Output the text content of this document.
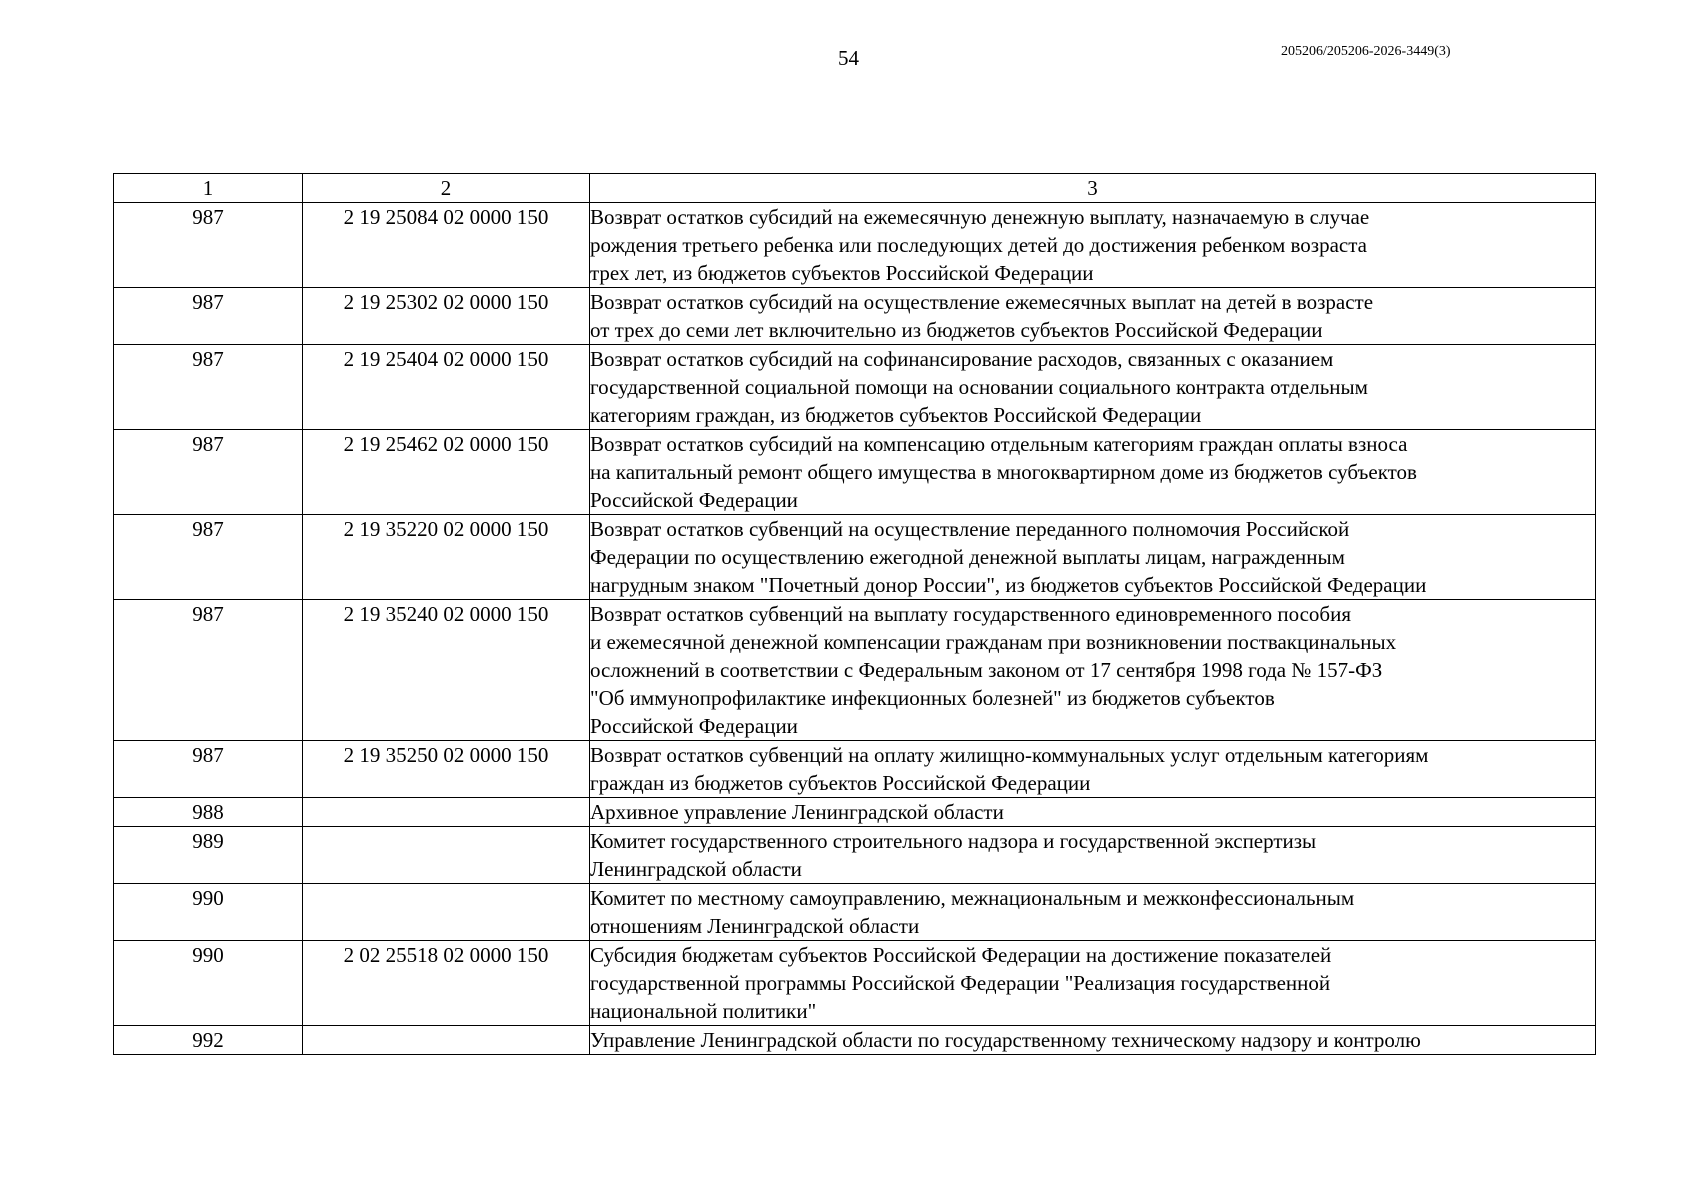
54	205206/205206-2026-3449(3)
1	2	3
987	2 19 25084 02 0000 150	Возврат остатков субсидий на ежемесячную денежную выплату, назначаемую в случае
рождения третьего ребенка или последующих детей до достижения ребенком возраста
трех лет, из бюджетов субъектов Российской Федерации

987	2 19 25302 02 0000 150	Возврат остатков субсидий на осуществление ежемесячных выплат на детей в возрасте
от трех до семи лет включительно из бюджетов субъектов Российской Федерации

987	2 19 25404 02 0000 150	Возврат остатков субсидий на софинансирование расходов, связанных с оказанием
государственной социальной помощи на основании социального контракта отдельным
категориям граждан, из бюджетов субъектов Российской Федерации

987	2 19 25462 02 0000 150	Возврат остатков субсидий на компенсацию отдельным категориям граждан оплаты взноса
на капитальный ремонт общего имущества в многоквартирном доме из бюджетов субъектов
Российской Федерации

987	2 19 35220 02 0000 150	Возврат остатков субвенций на осуществление переданного полномочия Российской
Федерации по осуществлению ежегодной денежной выплаты лицам, награжденным
нагрудным знаком "Почетный донор России", из бюджетов субъектов Российской Федерации

987	2 19 35240 02 0000 150	Возврат остатков субвенций на выплату государственного единовременного пособия
и ежемесячной денежной компенсации гражданам при возникновении поствакцинальных
осложнений в соответствии с Федеральным законом от 17 сентября 1998 года № 157-ФЗ
"Об иммунопрофилактике инфекционных болезней" из бюджетов субъектов
Российской Федерации

987	2 19 35250 02 0000 150	Возврат остатков субвенций на оплату жилищно-коммунальных услуг отдельным категориям
граждан из бюджетов субъектов Российской Федерации

988		Архивное управление Ленинградской области

989		Комитет государственного строительного надзора и государственной экспертизы
Ленинградской области

990		Комитет по местному самоуправлению, межнациональным и межконфессиональным
отношениям Ленинградской области

990	2 02 25518 02 0000 150	Субсидия бюджетам субъектов Российской Федерации на достижение показателей
государственной программы Российской Федерации "Реализация государственной
национальной политики"

992		Управление Ленинградской области по государственному техническому надзору и контролю
